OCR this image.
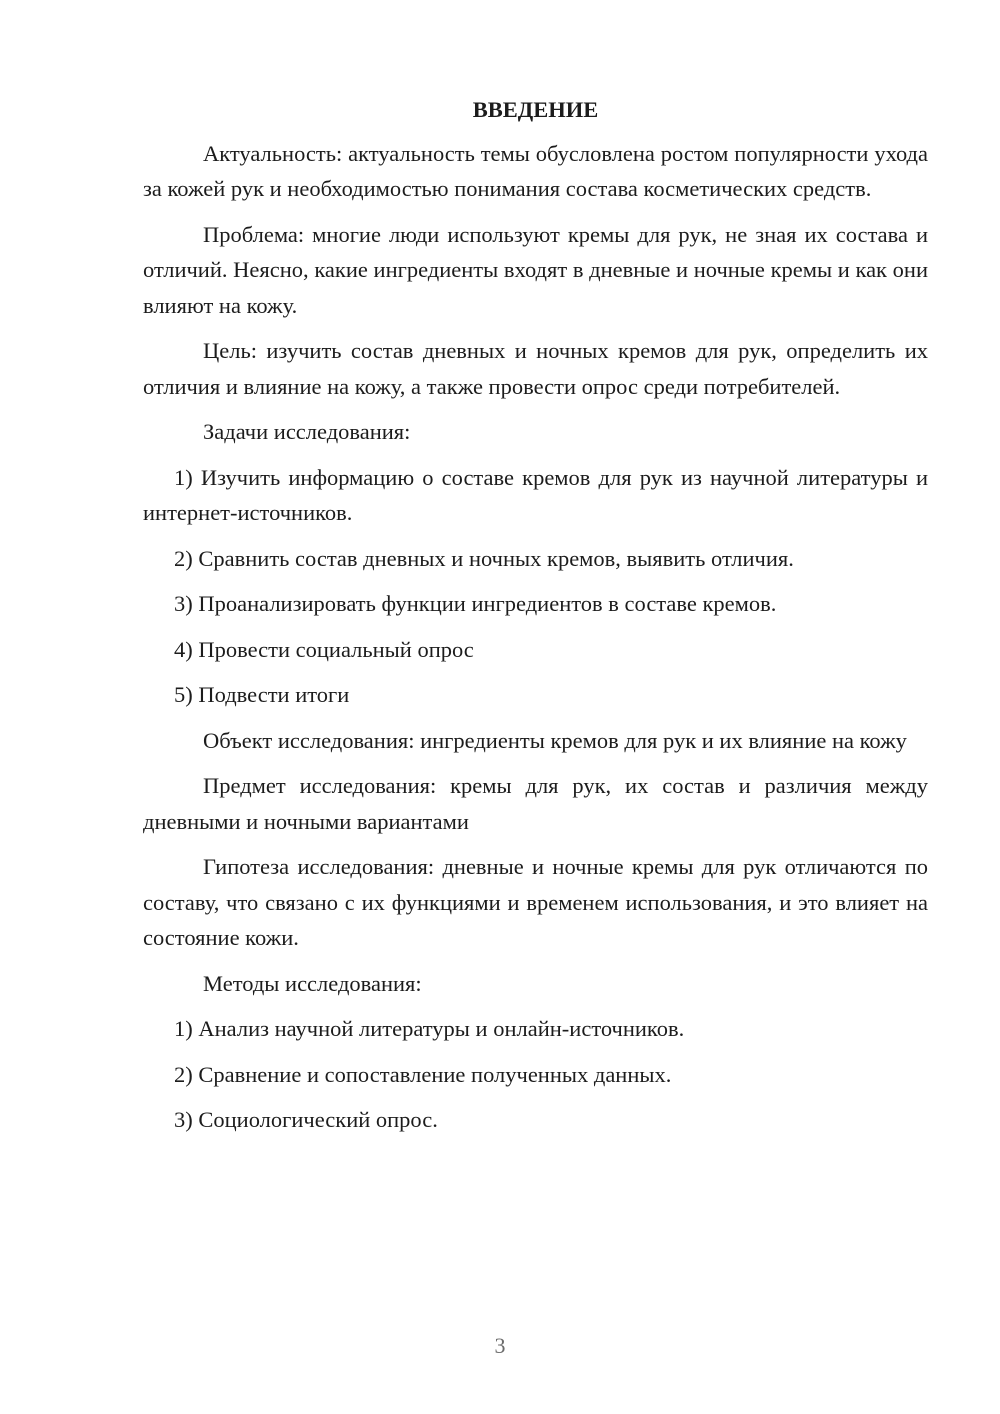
ВВЕДЕНИЕ

Актуальность: актуальность темы обусловлена ростом популярности ухода за кожей рук и необходимостью понимания состава косметических средств.

Проблема: многие люди используют кремы для рук, не зная их состава и отличий. Неясно, какие ингредиенты входят в дневные и ночные кремы и как они влияют на кожу.

Цель: изучить состав дневных и ночных кремов для рук, определить их отличия и влияние на кожу, а также провести опрос среди потребителей.

Задачи исследования:

1) Изучить информацию о составе кремов для рук из научной литературы и интернет-источников.

2) Сравнить состав дневных и ночных кремов, выявить отличия.

3) Проанализировать функции ингредиентов в составе кремов.

4) Провести социальный опрос

5) Подвести итоги

Объект исследования: ингредиенты кремов для рук и их влияние на кожу

Предмет исследования: кремы для рук, их состав и различия между дневными и ночными вариантами

Гипотеза исследования: дневные и ночные кремы для рук отличаются по составу, что связано с их функциями и временем использования, и это влияет на состояние кожи.

Методы исследования:

1) Анализ научной литературы и онлайн-источников.

2) Сравнение и сопоставление полученных данных.

3) Социологический опрос.

3
